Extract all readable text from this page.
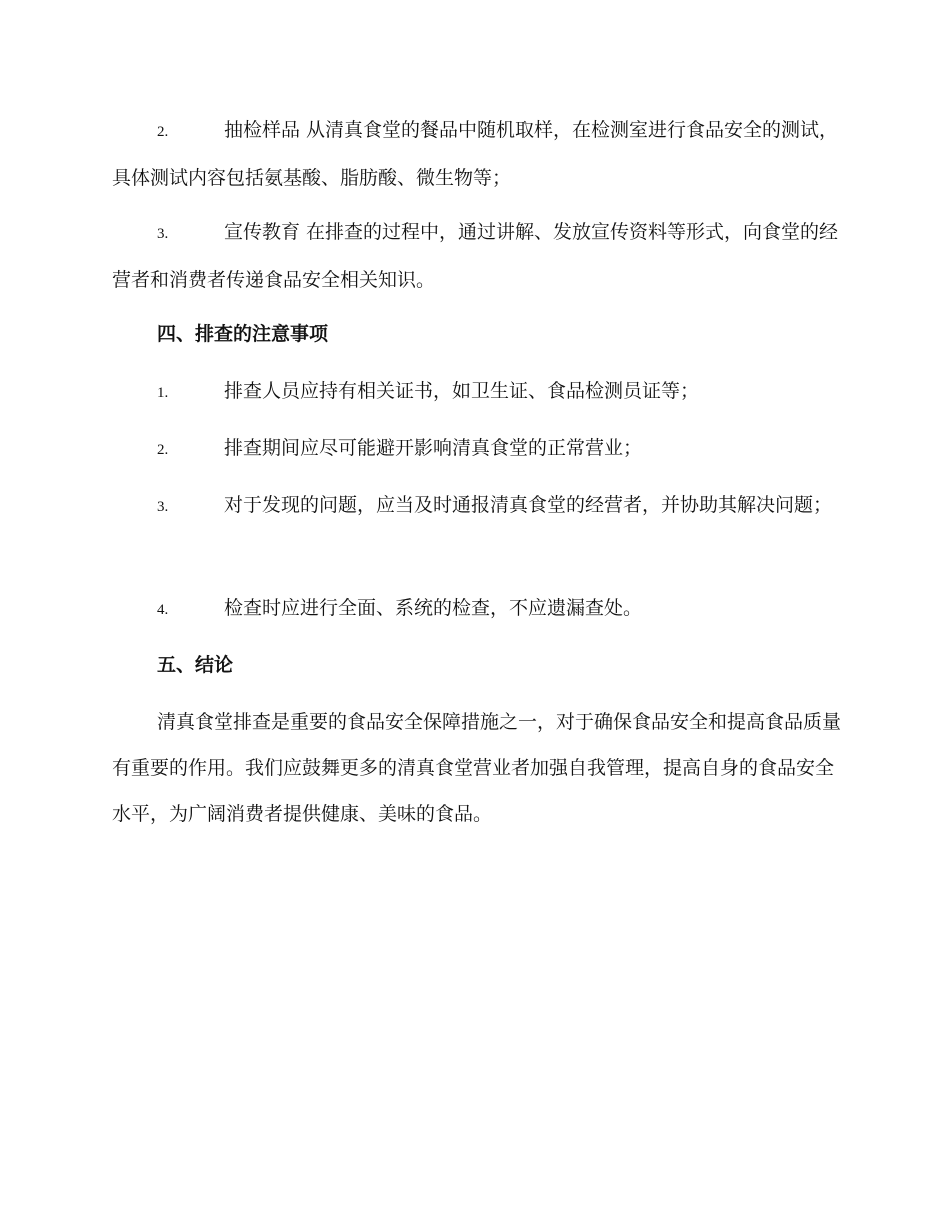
2.	抽检样品 从清真食堂的餐品中随机取样，在检测室进行食品安全的测试，具体测试内容包括氨基酸、脂肪酸、微生物等；
3.	宣传教育 在排查的过程中，通过讲解、发放宣传资料等形式，向食堂的经营者和消费者传递食品安全相关知识。
四、排查的注意事项
1.	排查人员应持有相关证书，如卫生证、食品检测员证等；
2.	排查期间应尽可能避开影响清真食堂的正常营业；
3.	对于发现的问题，应当及时通报清真食堂的经营者，并协助其解决问题；
4.	检查时应进行全面、系统的检查，不应遗漏查处。
五、结论
清真食堂排查是重要的食品安全保障措施之一，对于确保食品安全和提高食品质量有重要的作用。我们应鼓舞更多的清真食堂营业者加强自我管理，提高自身的食品安全水平，为广阔消费者提供健康、美味的食品。
